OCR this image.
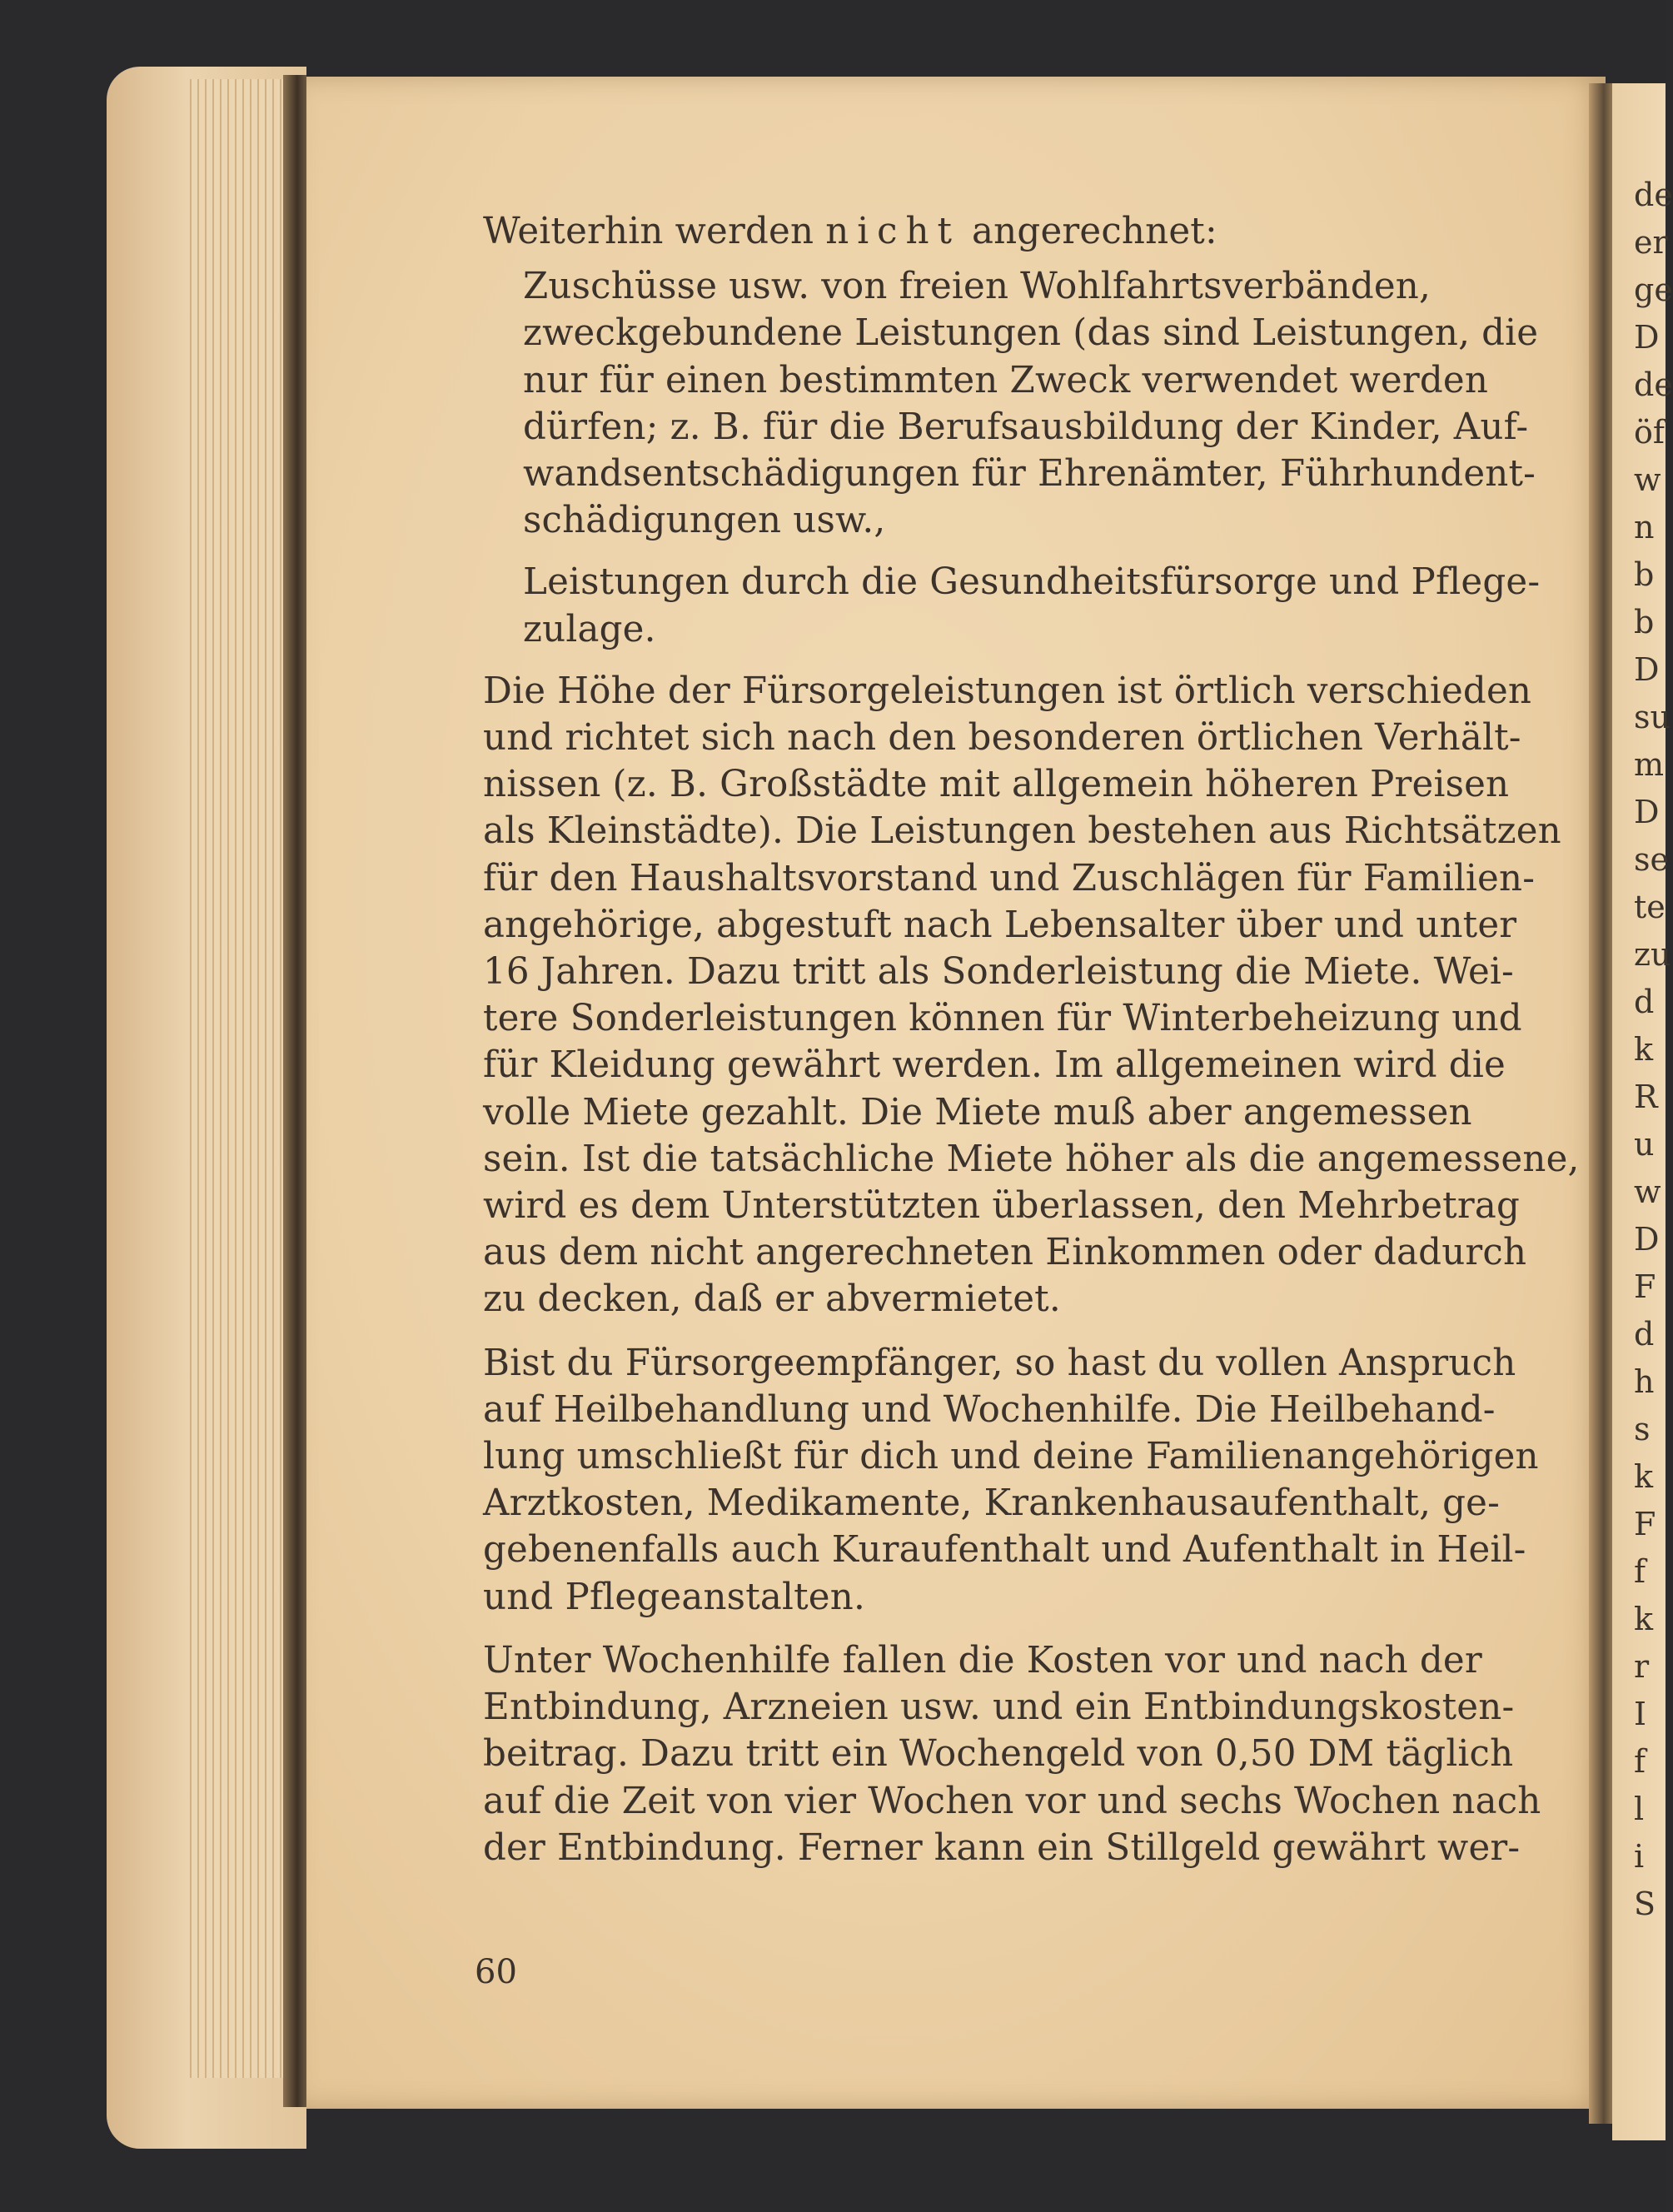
de
er
ge
D
de
öf
w
n
b
b
D
su
m
D
se
te
zu
d
k
R
u
w
D
F
d
h
s
k
F
f
k
r
I
f
l
i
S
Weiterhin werden nicht angerechnet:
Zuschüsse usw. von freien Wohlfahrtsverbänden,
zweckgebundene Leistungen (das sind Leistungen, die
nur für einen bestimmten Zweck verwendet werden
dürfen; z. B. für die Berufsausbildung der Kinder, Auf-
wandsentschädigungen für Ehrenämter, Führhundent-
schädigungen usw.,
Leistungen durch die Gesundheitsfürsorge und Pflege-
zulage.
Die Höhe der Fürsorgeleistungen ist örtlich verschieden
und richtet sich nach den besonderen örtlichen Verhält-
nissen (z. B. Großstädte mit allgemein höheren Preisen
als Kleinstädte). Die Leistungen bestehen aus Richtsätzen
für den Haushaltsvorstand und Zuschlägen für Familien-
angehörige, abgestuft nach Lebensalter über und unter
16 Jahren. Dazu tritt als Sonderleistung die Miete. Wei-
tere Sonderleistungen können für Winterbeheizung und
für Kleidung gewährt werden. Im allgemeinen wird die
volle Miete gezahlt. Die Miete muß aber angemessen
sein. Ist die tatsächliche Miete höher als die angemessene,
wird es dem Unterstützten überlassen, den Mehrbetrag
aus dem nicht angerechneten Einkommen oder dadurch
zu decken, daß er abvermietet.
Bist du Fürsorgeempfänger, so hast du vollen Anspruch
auf Heilbehandlung und Wochenhilfe. Die Heilbehand-
lung umschließt für dich und deine Familienangehörigen
Arztkosten, Medikamente, Krankenhausaufenthalt, ge-
gebenenfalls auch Kuraufenthalt und Aufenthalt in Heil-
und Pflegeanstalten.
Unter Wochenhilfe fallen die Kosten vor und nach der
Entbindung, Arzneien usw. und ein Entbindungskosten-
beitrag. Dazu tritt ein Wochengeld von 0,50 DM täglich
auf die Zeit von vier Wochen vor und sechs Wochen nach
der Entbindung. Ferner kann ein Stillgeld gewährt wer-
60
